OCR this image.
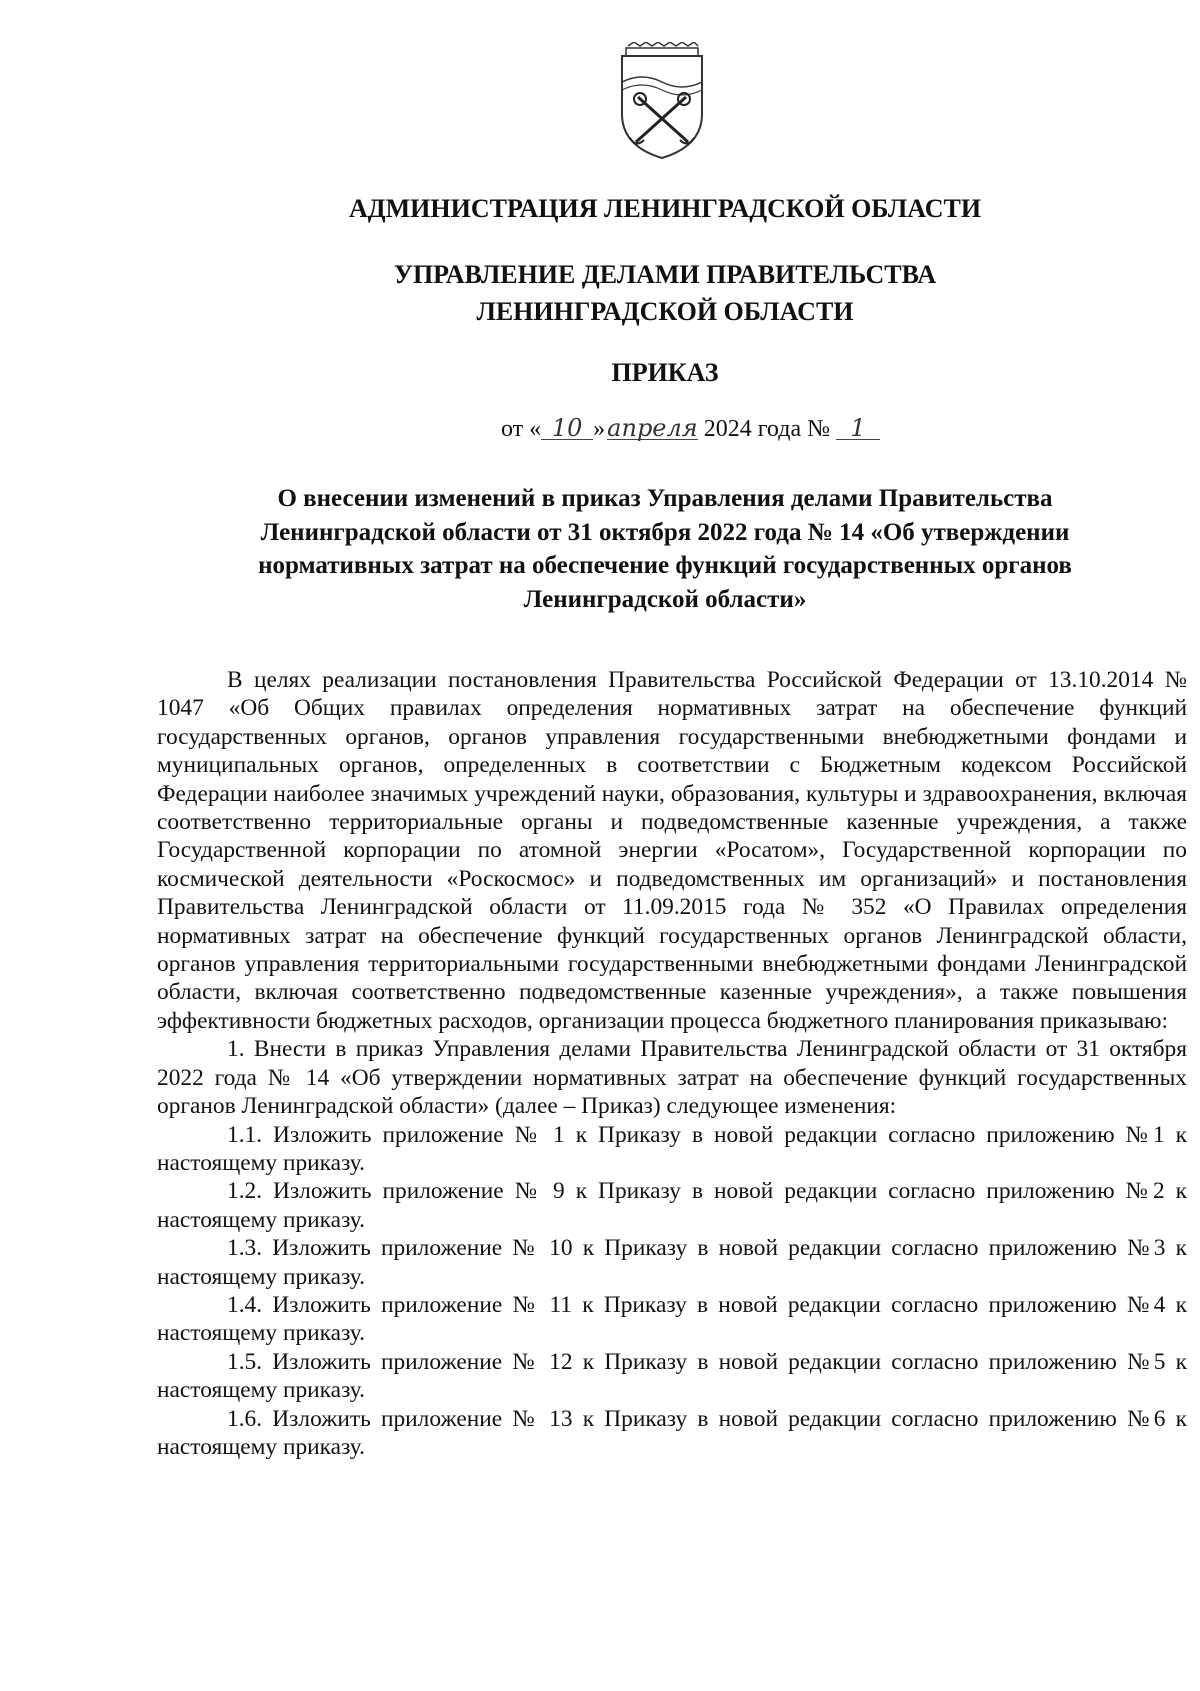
АДМИНИСТРАЦИЯ ЛЕНИНГРАДСКОЙ ОБЛАСТИ
УПРАВЛЕНИЕ ДЕЛАМИ ПРАВИТЕЛЬСТВА
ЛЕНИНГРАДСКОЙ ОБЛАСТИ
ПРИКАЗ
от « 10 »апреля 2024 года № 1
О внесении изменений в приказ Управления делами Правительства
Ленинградской области от 31 октября 2022 года № 14 «Об утверждении
нормативных затрат на обеспечение функций государственных органов
Ленинградской области»

В целях реализации постановления Правительства Российской Федерации от 13.10.2014 № 1047 «Об Общих правилах определения нормативных затрат на обеспечение функций государственных органов, органов управления государственными внебюджетными фондами и муниципальных органов, определенных в соответствии с Бюджетным кодексом Российской Федерации наиболее значимых учреждений науки, образования, культуры и здравоохранения, включая соответственно территориальные органы и подведомственные казенные учреждения, а также Государственной корпорации по атомной энергии «Росатом», Государственной корпорации по космической деятельности «Роскосмос» и подведомственных им организаций» и постановления Правительства Ленинградской области от 11.09.2015 года № 352 «О Правилах определения нормативных затрат на обеспечение функций государственных органов Ленинградской области, органов управления территориальными государственными внебюджетными фондами Ленинградской области, включая соответственно подведомственные казенные учреждения», а также повышения эффективности бюджетных расходов, организации процесса бюджетного планирования приказываю:

1. Внести в приказ Управления делами Правительства Ленинградской области от 31 октября 2022 года № 14 «Об утверждении нормативных затрат на обеспечение функций государственных органов Ленинградской области» (далее – Приказ) следующее изменения:

1.1. Изложить приложение № 1 к Приказу в новой редакции согласно приложению №1 к настоящему приказу.

1.2. Изложить приложение № 9 к Приказу в новой редакции согласно приложению №2 к настоящему приказу.

1.3. Изложить приложение № 10 к Приказу в новой редакции согласно приложению №3 к настоящему приказу.

1.4. Изложить приложение № 11 к Приказу в новой редакции согласно приложению №4 к настоящему приказу.

1.5. Изложить приложение № 12 к Приказу в новой редакции согласно приложению №5 к настоящему приказу.

1.6. Изложить приложение № 13 к Приказу в новой редакции согласно приложению №6 к настоящему приказу.
